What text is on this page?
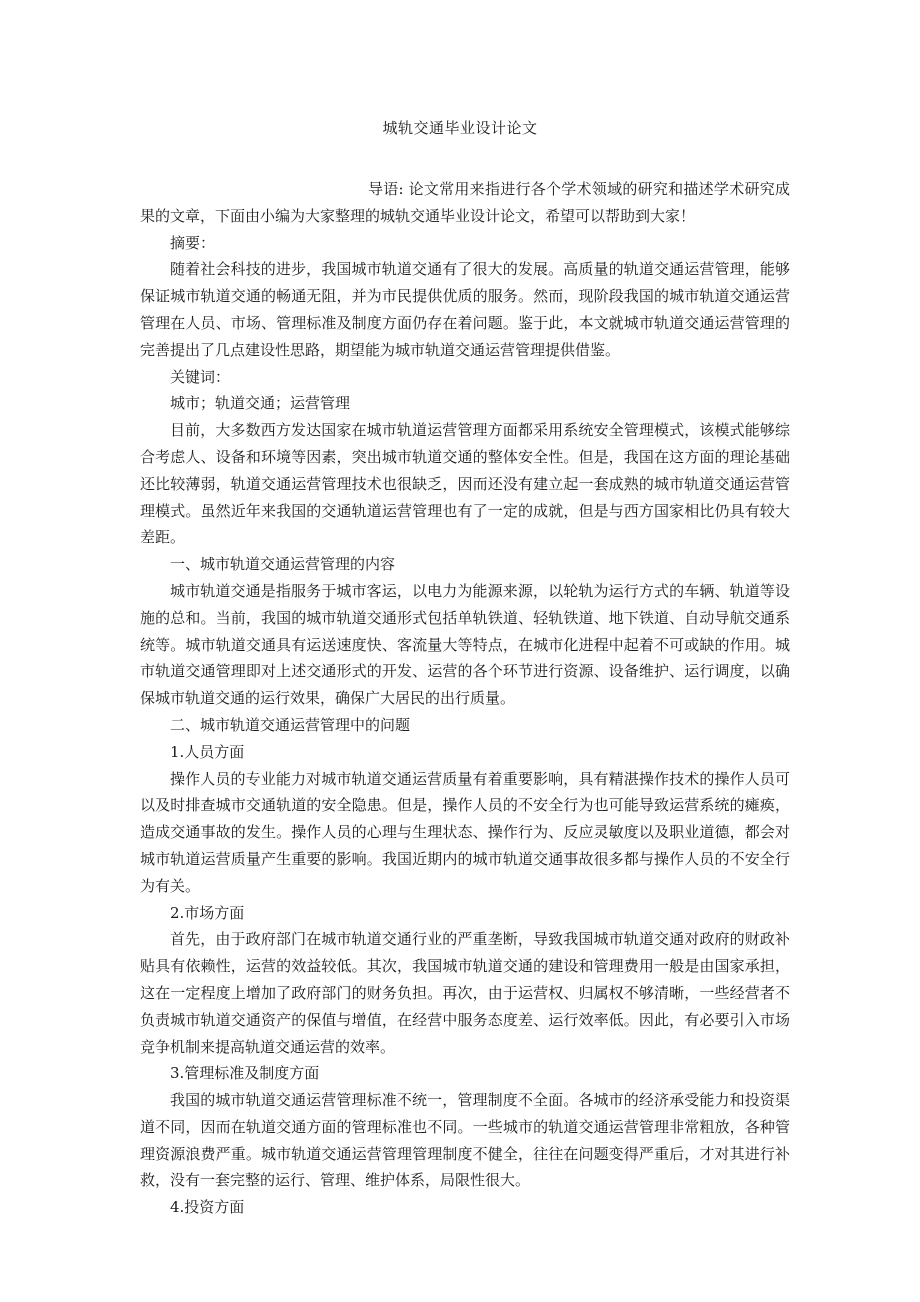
城轨交通毕业设计论文

导语: 论文常用来指进行各个学术领域的研究和描述学术研究成果的文章，下面由小编为大家整理的城轨交通毕业设计论文，希望可以帮助到大家！

摘要：

随着社会科技的进步，我国城市轨道交通有了很大的发展。高质量的轨道交通运营管理，能够保证城市轨道交通的畅通无阻，并为市民提供优质的服务。然而，现阶段我国的城市轨道交通运营管理在人员、市场、管理标准及制度方面仍存在着问题。鉴于此，本文就城市轨道交通运营管理的完善提出了几点建设性思路，期望能为城市轨道交通运营管理提供借鉴。

关键词：

城市；轨道交通；运营管理

目前，大多数西方发达国家在城市轨道运营管理方面都采用系统安全管理模式，该模式能够综合考虑人、设备和环境等因素，突出城市轨道交通的整体安全性。但是，我国在这方面的理论基础还比较薄弱，轨道交通运营管理技术也很缺乏，因而还没有建立起一套成熟的城市轨道交通运营管理模式。虽然近年来我国的交通轨道运营管理也有了一定的成就，但是与西方国家相比仍具有较大差距。

一、城市轨道交通运营管理的内容

城市轨道交通是指服务于城市客运，以电力为能源来源，以轮轨为运行方式的车辆、轨道等设施的总和。当前，我国的城市轨道交通形式包括单轨铁道、轻轨铁道、地下铁道、自动导航交通系统等。城市轨道交通具有运送速度快、客流量大等特点，在城市化进程中起着不可或缺的作用。城市轨道交通管理即对上述交通形式的开发、运营的各个环节进行资源、设备维护、运行调度，以确保城市轨道交通的运行效果，确保广大居民的出行质量。

二、城市轨道交通运营管理中的问题

1.人员方面

操作人员的专业能力对城市轨道交通运营质量有着重要影响，具有精湛操作技术的操作人员可以及时排查城市交通轨道的安全隐患。但是，操作人员的不安全行为也可能导致运营系统的瘫痪，造成交通事故的发生。操作人员的心理与生理状态、操作行为、反应灵敏度以及职业道德，都会对城市轨道运营质量产生重要的影响。我国近期内的城市轨道交通事故很多都与操作人员的不安全行为有关。

2.市场方面

首先，由于政府部门在城市轨道交通行业的严重垄断，导致我国城市轨道交通对政府的财政补贴具有依赖性，运营的效益较低。其次，我国城市轨道交通的建设和管理费用一般是由国家承担，这在一定程度上增加了政府部门的财务负担。再次，由于运营权、归属权不够清晰，一些经营者不负责城市轨道交通资产的保值与增值，在经营中服务态度差、运行效率低。因此，有必要引入市场竞争机制来提高轨道交通运营的效率。

3.管理标准及制度方面

我国的城市轨道交通运营管理标准不统一，管理制度不全面。各城市的经济承受能力和投资渠道不同，因而在轨道交通方面的管理标准也不同。一些城市的轨道交通运营管理非常粗放，各种管理资源浪费严重。城市轨道交通运营管理管理制度不健全，往往在问题变得严重后，才对其进行补救，没有一套完整的运行、管理、维护体系，局限性很大。

4.投资方面
